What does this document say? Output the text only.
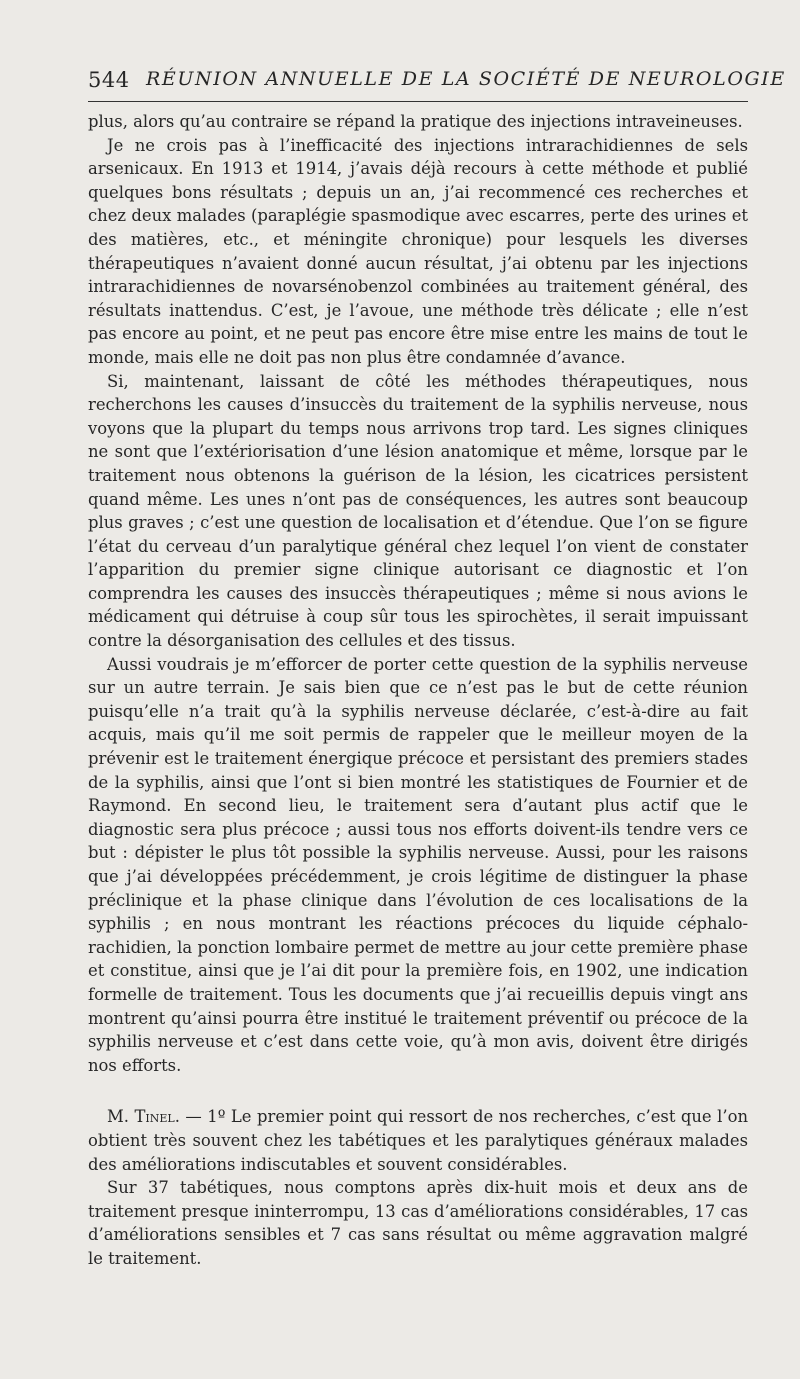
544 RÉUNION ANNUELLE DE LA SOCIÉTÉ DE NEUROLOGIE

plus, alors qu’au contraire se répand la pratique des injections intraveineuses.

Je ne crois pas à l’inefficacité des injections intrarachidiennes de sels arsenicaux. En 1913 et 1914, j’avais déjà recours à cette méthode et publié quelques bons résultats ; depuis un an, j’ai recommencé ces recherches et chez deux malades (paraplégie spasmodique avec escarres, perte des urines et des matières, etc., et méningite chronique) pour lesquels les diverses thérapeutiques n’avaient donné aucun résultat, j’ai obtenu par les injections intrarachidiennes de novarsénobenzol combinées au traitement général, des résultats inattendus. C’est, je l’avoue, une méthode très délicate ; elle n’est pas encore au point, et ne peut pas encore être mise entre les mains de tout le monde, mais elle ne doit pas non plus être condamnée d’avance.

Si, maintenant, laissant de côté les méthodes thérapeutiques, nous recherchons les causes d’insuccès du traitement de la syphilis nerveuse, nous voyons que la plupart du temps nous arrivons trop tard. Les signes cliniques ne sont que l’extériorisation d’une lésion anatomique et même, lorsque par le traitement nous obtenons la guérison de la lésion, les cicatrices persistent quand même. Les unes n’ont pas de conséquences, les autres sont beaucoup plus graves ; c’est une question de localisation et d’étendue. Que l’on se figure l’état du cerveau d’un paralytique général chez lequel l’on vient de constater l’apparition du premier signe clinique autorisant ce diagnostic et l’on comprendra les causes des insuccès thérapeutiques ; même si nous avions le médicament qui détruise à coup sûr tous les spirochètes, il serait impuissant contre la désorganisation des cellules et des tissus.

Aussi voudrais je m’efforcer de porter cette question de la syphilis nerveuse sur un autre terrain. Je sais bien que ce n’est pas le but de cette réunion puisqu’elle n’a trait qu’à la syphilis nerveuse déclarée, c’est-à-dire au fait acquis, mais qu’il me soit permis de rappeler que le meilleur moyen de la prévenir est le traitement énergique précoce et persistant des premiers stades de la syphilis, ainsi que l’ont si bien montré les statistiques de Fournier et de Raymond. En second lieu, le traitement sera d’autant plus actif que le diagnostic sera plus précoce ; aussi tous nos efforts doivent-ils tendre vers ce but : dépister le plus tôt possible la syphilis nerveuse. Aussi, pour les raisons que j’ai développées précédemment, je crois légitime de distinguer la phase préclinique et la phase clinique dans l’évolution de ces localisations de la syphilis ; en nous montrant les réactions précoces du liquide céphalo-rachidien, la ponction lombaire permet de mettre au jour cette première phase et constitue, ainsi que je l’ai dit pour la première fois, en 1902, une indication formelle de traitement. Tous les documents que j’ai recueillis depuis vingt ans montrent qu’ainsi pourra être institué le traitement préventif ou précoce de la syphilis nerveuse et c’est dans cette voie, qu’à mon avis, doivent être dirigés nos efforts.

M. Tinel. — 1º Le premier point qui ressort de nos recherches, c’est que l’on obtient très souvent chez les tabétiques et les paralytiques généraux malades des améliorations indiscutables et souvent considérables.

Sur 37 tabétiques, nous comptons après dix-huit mois et deux ans de traitement presque ininterrompu, 13 cas d’améliorations considérables, 17 cas d’améliorations sensibles et 7 cas sans résultat ou même aggravation malgré le traitement.
